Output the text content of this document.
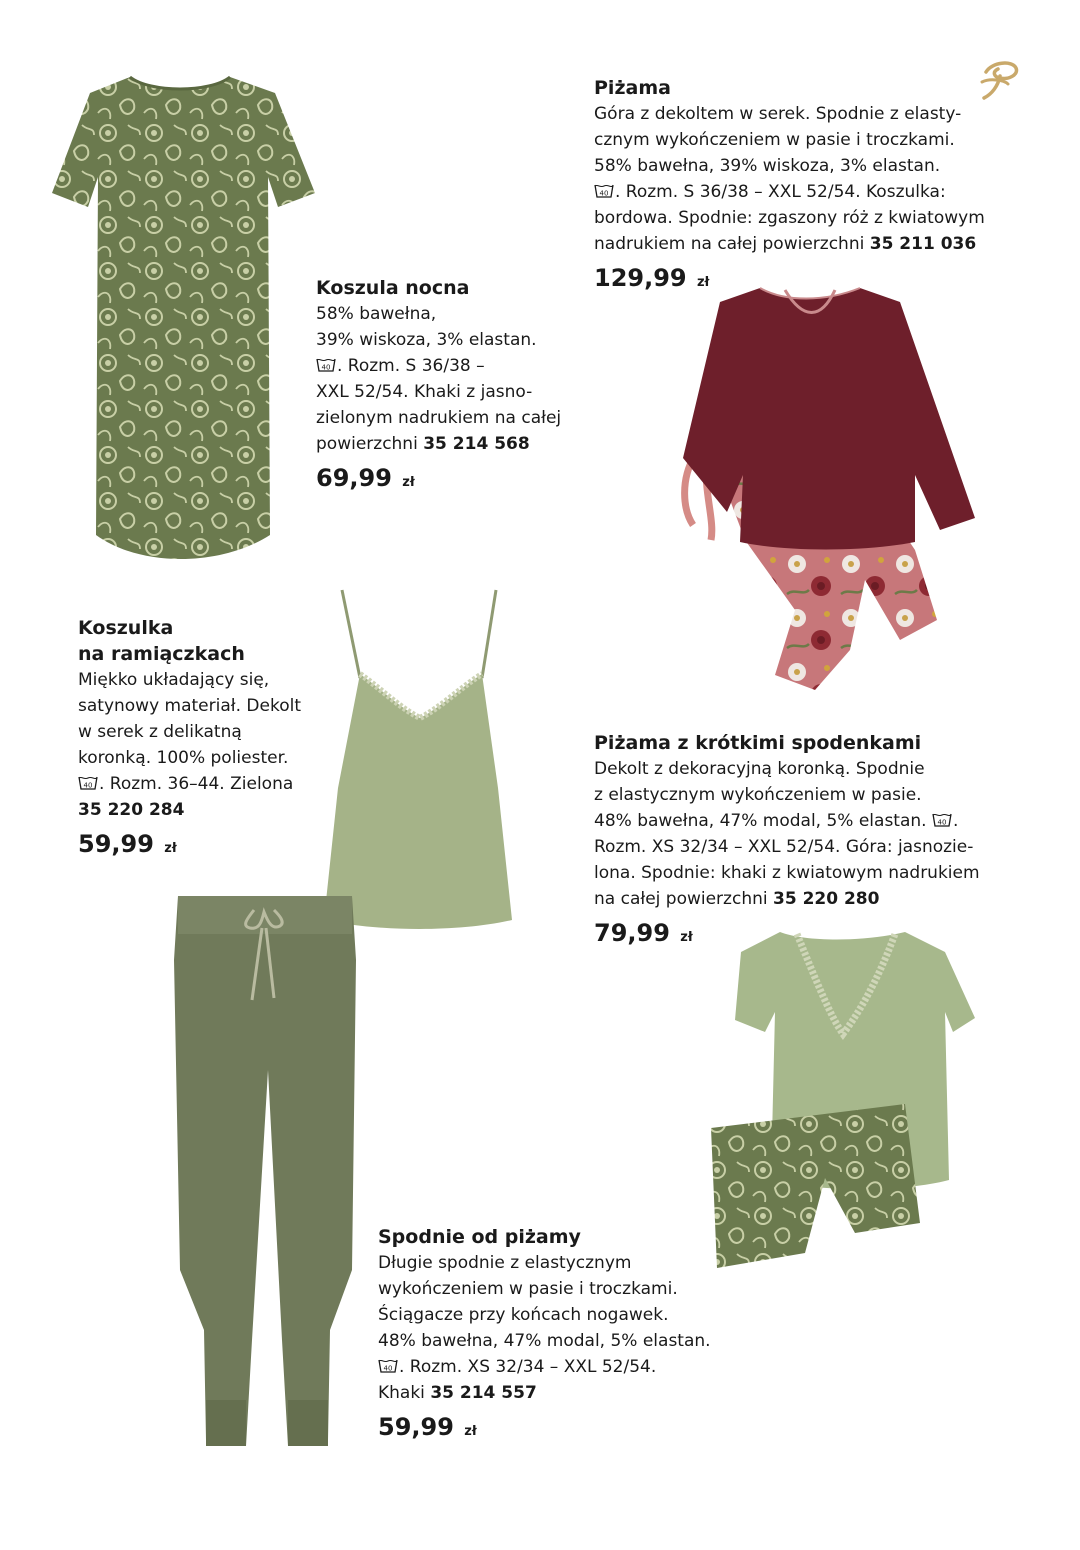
Koszula nocna
58% bawełna,
39% wiskoza, 3% elastan.
40 . Rozm. S 36/38 –
XXL 52/54. Khaki z jasno-
zielonym nadrukiem na całej
powierzchni 35 214 568
69,99 zł
Piżama
Góra z dekoltem w serek. Spodnie z elasty-
cznym wykończeniem w pasie i troczkami.
58% bawełna, 39% wiskoza, 3% elastan.
40 . Rozm. S 36/38 – XXL 52/54. Koszulka:
bordowa. Spodnie: zgaszony róż z kwiatowym
nadrukiem na całej powierzchni 35 211 036
129,99 zł
Koszulka
na ramiączkach
Miękko układający się,
satynowy materiał. Dekolt
w serek z delikatną
koronką. 100% poliester.
40 . Rozm. 36–44. Zielona
35 220 284
59,99 zł
Piżama z krótkimi spodenkami
Dekolt z dekoracyjną koronką. Spodnie
z elastycznym wykończeniem w pasie.
48% bawełna, 47% modal, 5% elastan. 40 .
Rozm. XS 32/34 – XXL 52/54. Góra: jasnozie-
lona. Spodnie: khaki z kwiatowym nadrukiem
na całej powierzchni 35 220 280
79,99 zł
Spodnie od piżamy
Długie spodnie z elastycznym
wykończeniem w pasie i troczkami.
Ściągacze przy końcach nogawek.
48% bawełna, 47% modal, 5% elastan.
40 . Rozm. XS 32/34 – XXL 52/54.
Khaki 35 214 557
59,99 zł
